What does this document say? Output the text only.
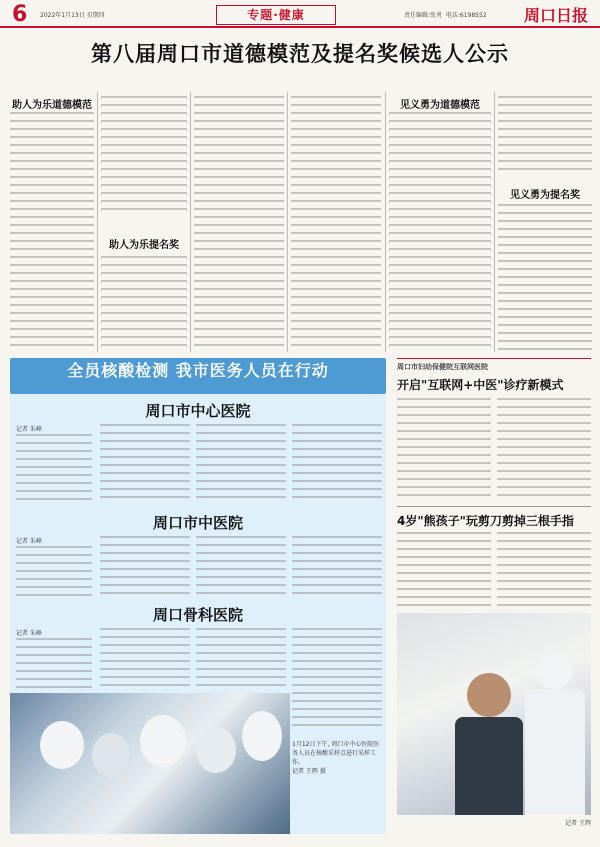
6 2022年1月13日 星期四	专题·健康	责任编辑:张勇 电话:6198552 周口日报
第八届周口市道德模范及提名奖候选人公示
助人为乐道德模范
助人为乐提名奖
见义勇为道德模范
见义勇为提名奖
全员核酸检测 我市医务人员在行动
周口市中心医院
记者 朱峰
周口市中医院
记者 朱峰
周口骨科医院
记者 朱峰
1月12日下午, 周口市中心医院医务人员在核酸采样点进行采样工作。
记者 王辉 摄
周口市妇幼保健院互联网医院
开启"互联网+中医"诊疗新模式
4岁"熊孩子"玩剪刀剪掉三根手指
记者 王辉
